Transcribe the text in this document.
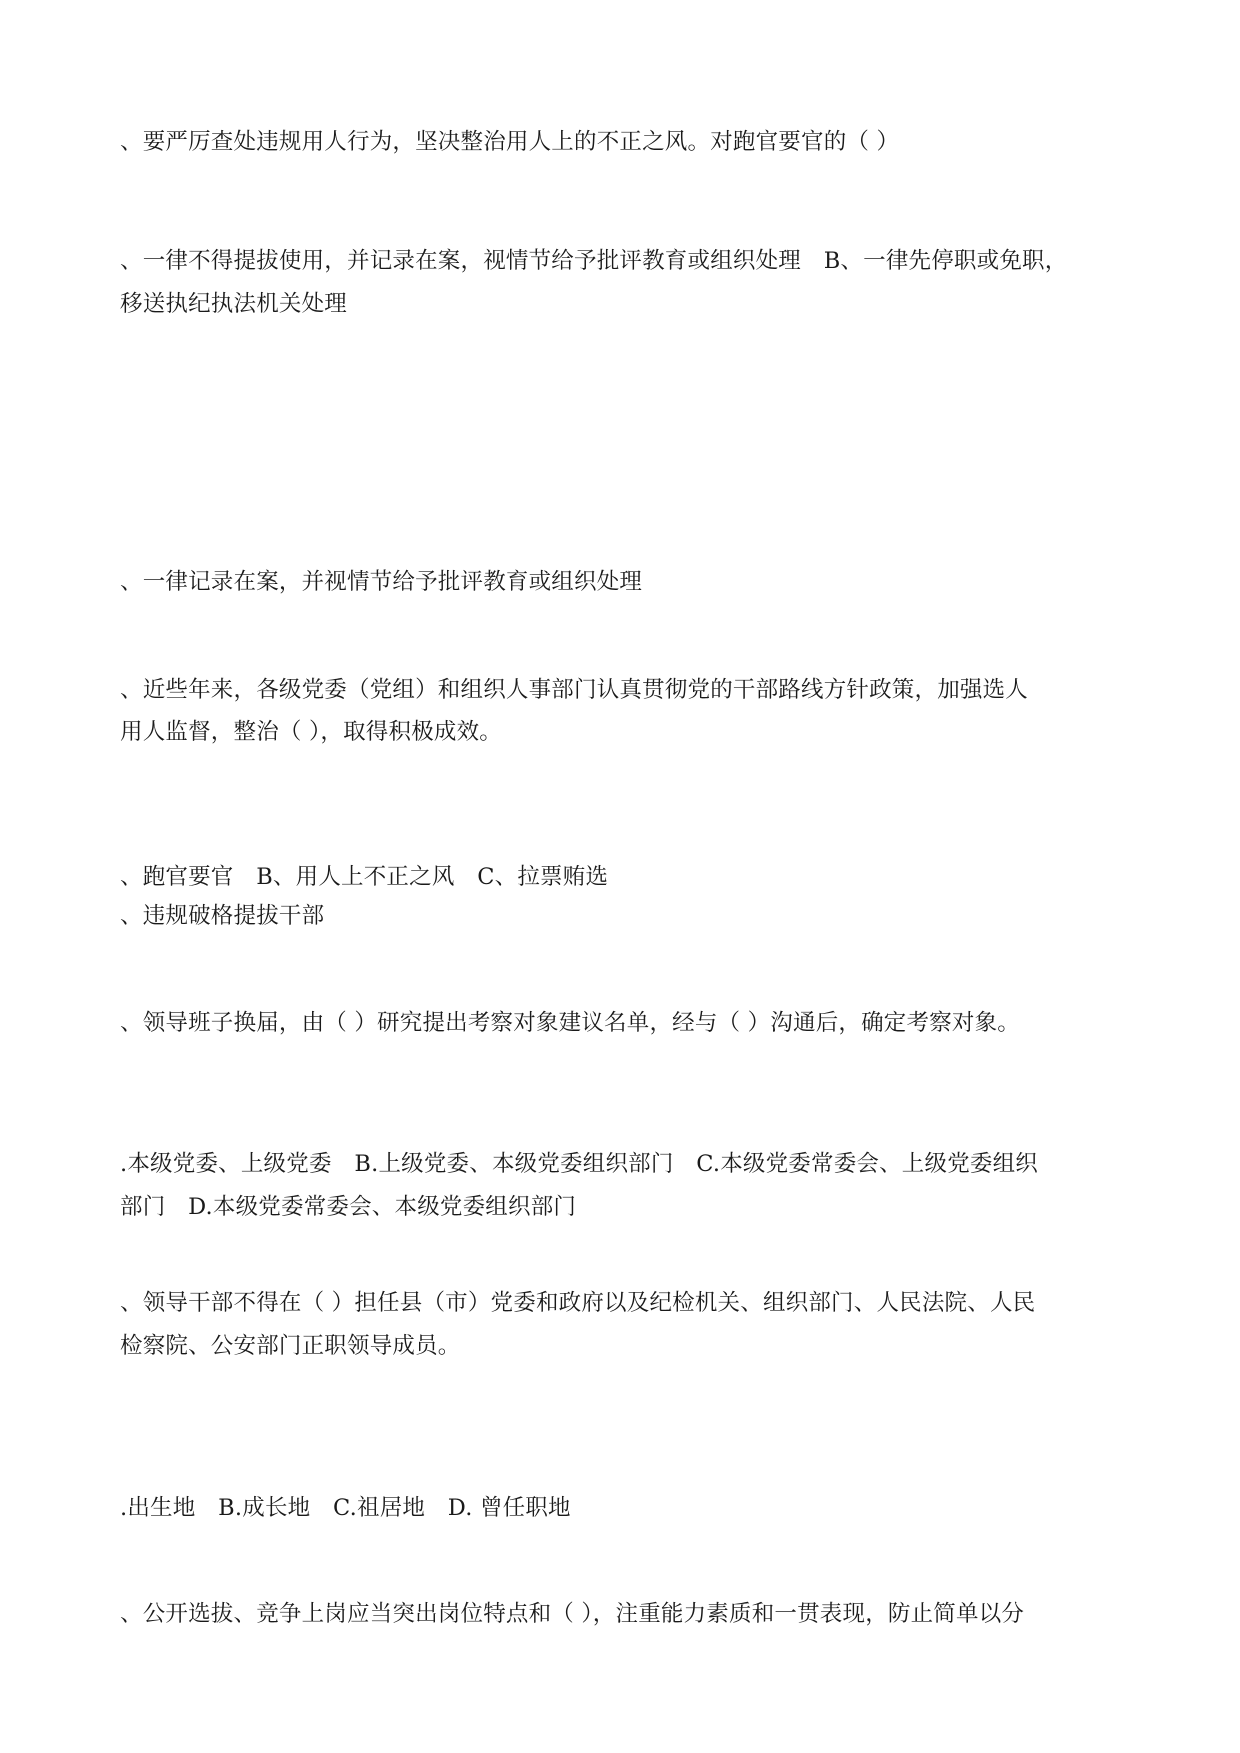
、要严厉查处违规用人行为，坚决整治用人上的不正之风。对跑官要官的（ ）
、一律不得提拔使用，并记录在案，视情节给予批评教育或组织处理　B、一律先停职或免职，
移送执纪执法机关处理
、一律记录在案，并视情节给予批评教育或组织处理
、近些年来，各级党委（党组）和组织人事部门认真贯彻党的干部路线方针政策，加强选人
用人监督，整治（ ），取得积极成效。
、跑官要官　B、用人上不正之风　C、拉票贿选
、违规破格提拔干部
、领导班子换届，由（ ）研究提出考察对象建议名单，经与（ ）沟通后，确定考察对象。
.本级党委、上级党委　B.上级党委、本级党委组织部门　C.本级党委常委会、上级党委组织
部门　D.本级党委常委会、本级党委组织部门
、领导干部不得在（ ）担任县（市）党委和政府以及纪检机关、组织部门、人民法院、人民
检察院、公安部门正职领导成员。
.出生地　B.成长地　C.祖居地　D. 曾任职地
、公开选拔、竞争上岗应当突出岗位特点和（ ），注重能力素质和一贯表现，防止简单以分
